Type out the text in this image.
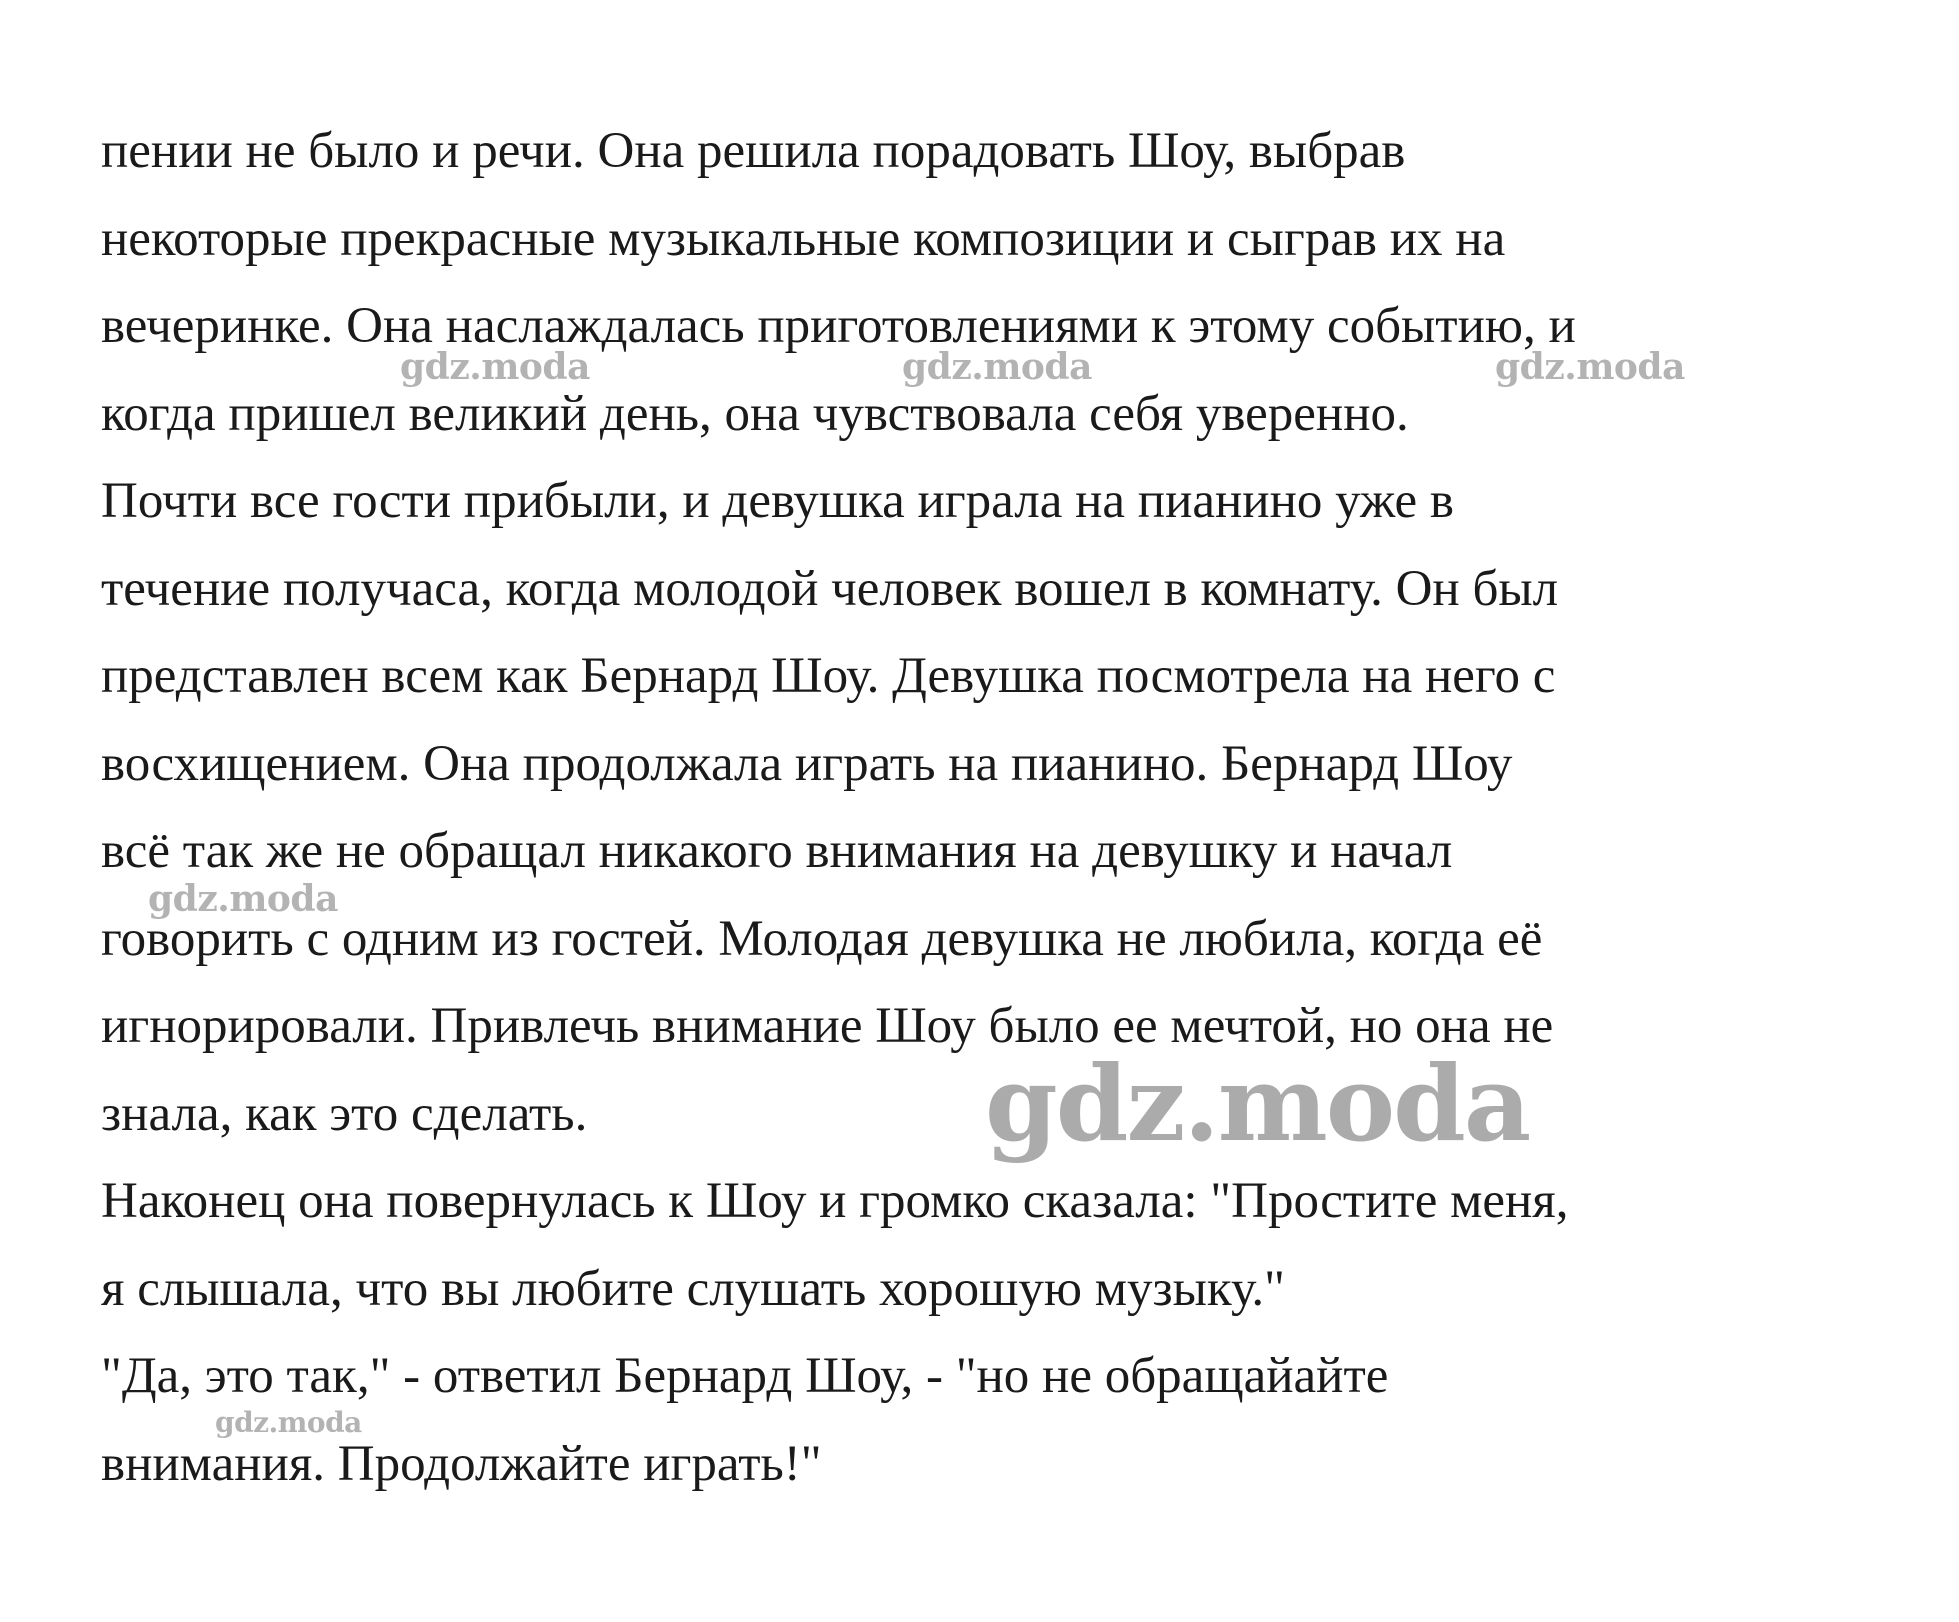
пении не было и речи. Она решила порадовать Шоу, выбрав
некоторые прекрасные музыкальные композиции и сыграв их на
вечеринке. Она наслаждалась приготовлениями к этому событию, и
когда пришел великий день, она чувствовала себя уверенно.
Почти все гости прибыли, и девушка играла на пианино уже в
течение получаса, когда молодой человек вошел в комнату. Он был
представлен всем как Бернард Шоу. Девушка посмотрела на него с
восхищением. Она продолжала играть на пианино. Бернард Шоу
всё так же не обращал никакого внимания на девушку и начал
говорить с одним из гостей. Молодая девушка не любила, когда её
игнорировали. Привлечь внимание Шоу было ее мечтой, но она не
знала, как это сделать.
Наконец она повернулась к Шоу и громко сказала: "Простите меня,
я слышала, что вы любите слушать хорошую музыку."
"Да, это так," - ответил Бернард Шоу, - "но не обращайайте
внимания. Продолжайте играть!"
gdz.moda	gdz.moda	gdz.moda
gdz.moda
gdz.moda
gdz.moda
